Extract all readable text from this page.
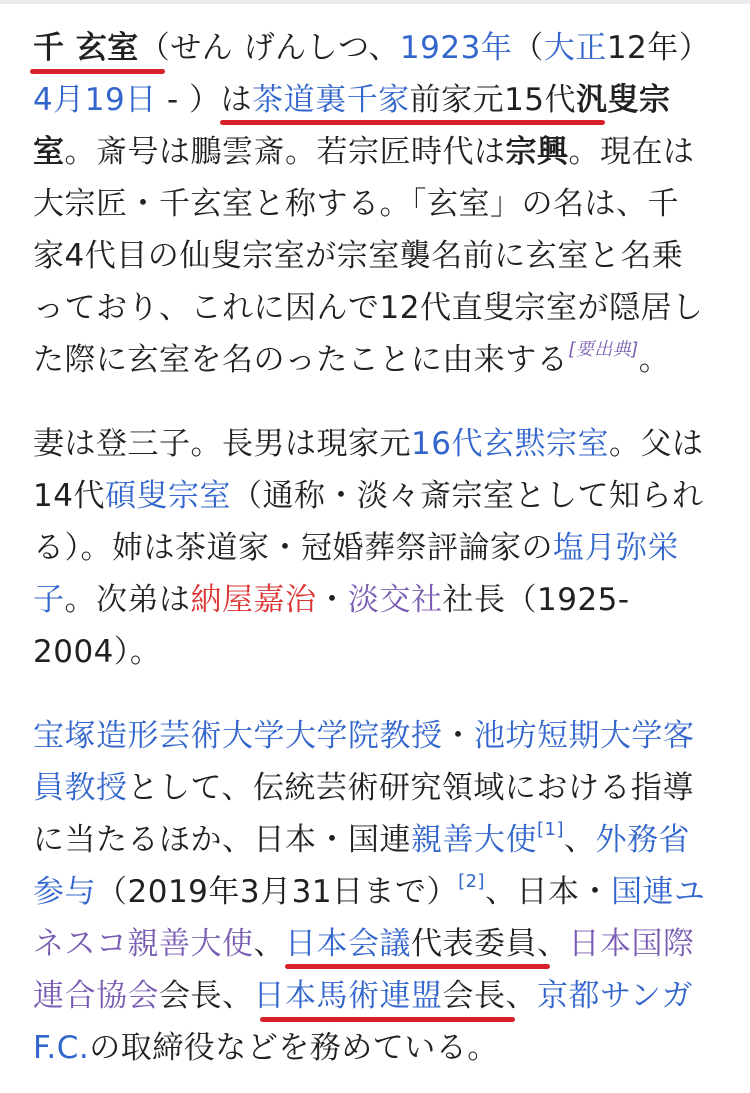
千 玄室（せん げんしつ、1923年（大正12年）
4月19日 - ）は茶道裏千家前家元15代汎叟宗
室。斎号は鵬雲斎。若宗匠時代は宗興。現在は
大宗匠・千玄室と称する。「玄室」の名は、千
家4代目の仙叟宗室が宗室襲名前に玄室と名乗
っており、これに因んで12代直叟宗室が隠居し
た際に玄室を名のったことに由来する[要出典]。
妻は登三子。長男は現家元16代玄黙宗室。父は
14代碩叟宗室（通称・淡々斎宗室として知られ
る）。姉は茶道家・冠婚葬祭評論家の塩月弥栄
子。次弟は納屋嘉治・淡交社社長（1925-
2004）。
宝塚造形芸術大学大学院教授・池坊短期大学客
員教授として、伝統芸術研究領域における指導
に当たるほか、日本・国連親善大使[1]、外務省
参与（2019年3月31日まで）[2]、日本・国連ユ
ネスコ親善大使、日本会議代表委員、日本国際
連合協会会長、日本馬術連盟会長、京都サンガ
F.C.の取締役などを務めている。
